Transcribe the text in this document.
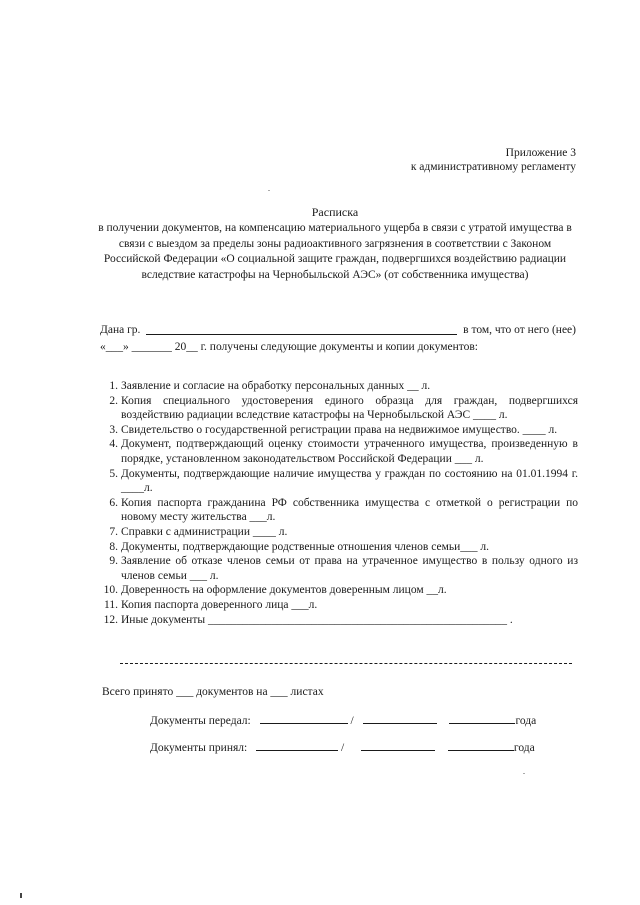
Приложение 3
к административному регламенту
Расписка
в получении документов, на компенсацию материального ущерба в связи с утратой имущества в связи с выездом за пределы зоны радиоактивного загрязнения в соответствии с Законом Российской Федерации «О социальной защите граждан, подвергшихся воздействию радиации вследствие катастрофы на Чернобыльской АЭС» (от собственника имущества)
Дана гр.	в том, что от него (нее)
«___» _______ 20__ г. получены следующие документы и копии документов:
1. Заявление и согласие на обработку персональных данных __ л.
2. Копия специального удостоверения единого образца для граждан, подвергшихся воздействию радиации вследствие катастрофы на Чернобыльской АЭС ____ л.
3. Свидетельство о государственной регистрации права на недвижимое имущество. ____ л.
4. Документ, подтверждающий оценку стоимости утраченного имущества, произведенную в порядке, установленном законодательством Российской Федерации ___ л.
5. Документы, подтверждающие наличие имущества у граждан по состоянию на 01.01.1994 г. ____л.
6. Копия паспорта гражданина РФ собственника имущества с отметкой о регистрации по новому месту жительства ___л.
7. Справки с администрации ____ л.
8. Документы, подтверждающие родственные отношения членов семьи___ л.
9. Заявление об отказе членов семьи от права на утраченное имущество в пользу одного из членов семьи ___ л.
10. Доверенность на оформление документов доверенным лицом __л.
11. Копия паспорта доверенного лица ___л.
12. Иные документы ____________________________________________________ .
Всего принято ___ документов на ___ листах
Документы передал:	/	года
Документы принял:	/	года
